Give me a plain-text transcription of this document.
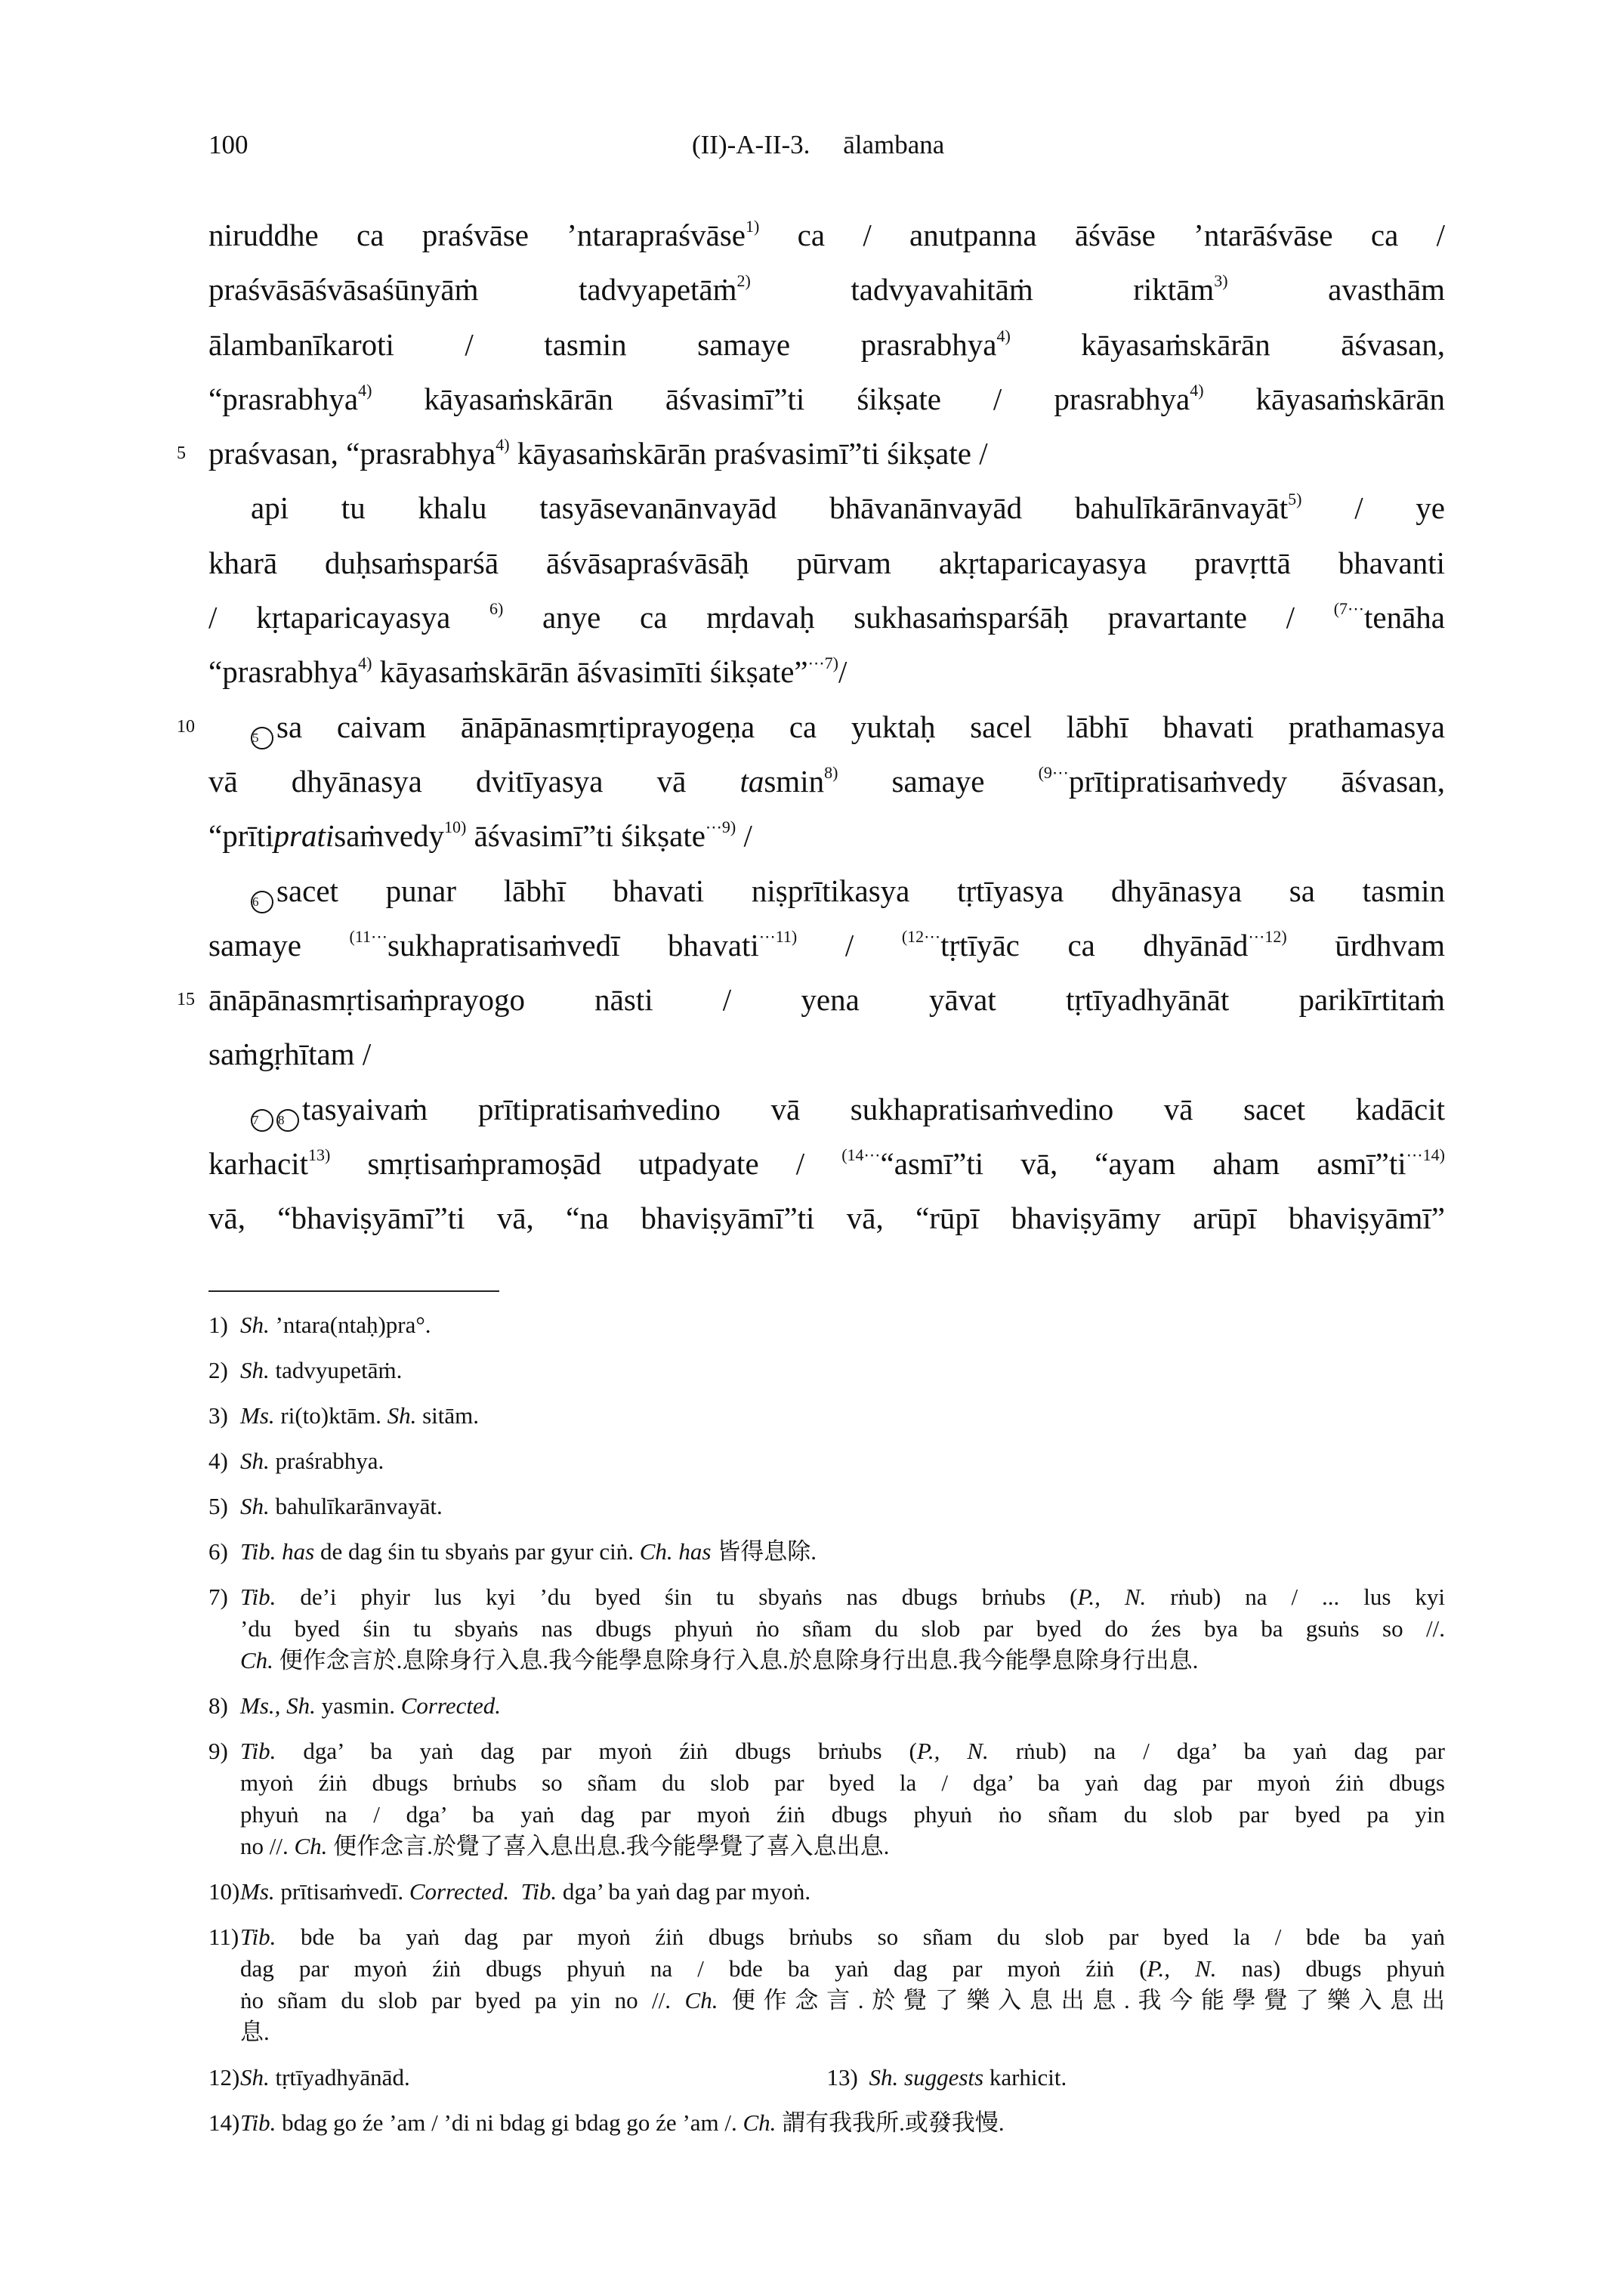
100	(II)-A-II-3. ālambana
niruddhe ca praśvāse ’ntarapraśvāse$^{1)}$ ca / anutpanna āśvāse ’ntarāśvāse ca /
praśvāsāśvāsaśūnyāṁ tadvyapetāṁ$^{2)}$ tadvyavahitāṁ riktām$^{3)}$ avasthām
ālambanīkaroti / tasmin samaye prasrabhya$^{4)}$ kāyasaṁskārān āśvasan,
“prasrabhya$^{4)}$ kāyasaṁskārān āśvasimī”ti śikṣate / prasrabhya$^{4)}$ kāyasaṁskārān
5 praśvasan, “prasrabhya$^{4)}$ kāyasaṁskārān praśvasimī”ti śikṣate /
api tu khalu tasyāsevanānvayād bhāvanānvayād bahulīkārānvayāt$^{5)}$ / ye
kharā duḥsaṁsparśā āśvāsapraśvāsāḥ pūrvam akṛtaparicayasya pravṛttā bhavanti
/ kṛtaparicayasya $^{6)}$ anye ca mṛdavaḥ sukhasaṁsparśāḥ pravartante / $^{(7\cdots}$tenāha
“prasrabhya$^{4)}$ kāyasaṁskārān āśvasimīti śikṣate”$^{\cdots 7)}$/
10
5 sa caivam ānāpānasmṛtiprayogeṇa ca yuktaḥ sacel lābhī bhavati prathamasya
vā dhyānasya dvitīyasya vā tasmin$^{8)}$ samaye $^{(9\cdots}$prītipratisaṁvedy āśvasan,
“prītipratisaṁvedy$^{10)}$ āśvasimī”ti śikṣate$^{\cdots 9)}$ /
6 sacet punar lābhī bhavati niṣprītikasya tṛtīyasya dhyānasya sa tasmin
samaye $^{(11\cdots}$sukhapratisaṁvedī bhavati$^{\cdots 11)}$ / $^{(12\cdots}$tṛtīyāc ca dhyānād$^{\cdots 12)}$ ūrdhvam
15 ānāpānasmṛtisaṁprayogo nāsti / yena yāvat tṛtīyadhyānāt parikīrtitaṁ
saṁgṛhītam /
7 8 tasyaivaṁ prītipratisaṁvedino vā sukhapratisaṁvedino vā sacet kadācit
karhacit$^{13)}$ smṛtisaṁpramoṣād utpadyate / $^{(14\cdots}$“asmī”ti vā, “ayam aham $asmī”ti^{\cdots 14)}$
vā, “bhaviṣyāmī”ti vā, “na bhaviṣyāmī”ti vā, “rūpī bhaviṣyāmy arūpī bhaviṣyāmī”
1) Sh. ’ntara(ntaḥ)pra°.
2) Sh. tadvyupetāṁ.
3) Ms. ri(to)ktām. Sh. sitām.
4) Sh. praśrabhya.
5) Sh. bahulīkarānvayāt.
6) Tib. has de dag śin tu sbyaṅs par gyur ciṅ. Ch. has 皆得息除.
7) Tib. de’i phyir lus kyi ’du byed śin tu sbyaṅs nas dbugs brṅubs (P., N. rṅub) na / ... lus kyi
’du byed śin tu sbyaṅs nas dbugs phyuṅ ṅo sñam du slob par byed do źes bya ba gsuṅs so //.
Ch. 便作念言於.息除身行入息.我今能學息除身行入息.於息除身行出息.我今能學息除身行出息.
8) Ms., Sh. yasmin. Corrected.
9) Tib. dga’ ba yaṅ dag par myoṅ źiṅ dbugs brṅubs (P., N. rṅub) na / dga’ ba yaṅ dag par
myoṅ źiṅ dbugs brṅubs so sñam du slob par byed la / dga’ ba yaṅ dag par myoṅ źiṅ dbugs
phyuṅ na / dga’ ba yaṅ dag par myoṅ źiṅ dbugs phyuṅ ṅo sñam du slob par byed pa yin
no //. Ch. 便作念言.於覺了喜入息出息.我今能學覺了喜入息出息.
10) Ms. prītisaṁvedī. Corrected. Tib. dga’ ba yaṅ dag par myoṅ.
11) Tib. bde ba yaṅ dag par myoṅ źiṅ dbugs brṅubs so sñam du slob par byed la / bde ba yaṅ
dag par myoṅ źiṅ dbugs phyuṅ na / bde ba yaṅ dag par myoṅ źiṅ (P., N. nas) dbugs phyuṅ
ṅo sñam du slob par byed pa yin no //. Ch. 便作念言.於覺了樂入息出息.我今能學覺了樂入息出
息.
12) Sh. tṛtīyadhyānād.	13) Sh. suggests karhicit.
14) Tib. bdag go źe ’am / ’di ni bdag gi bdag go źe ’am /. Ch. 謂有我我所.或發我慢.
